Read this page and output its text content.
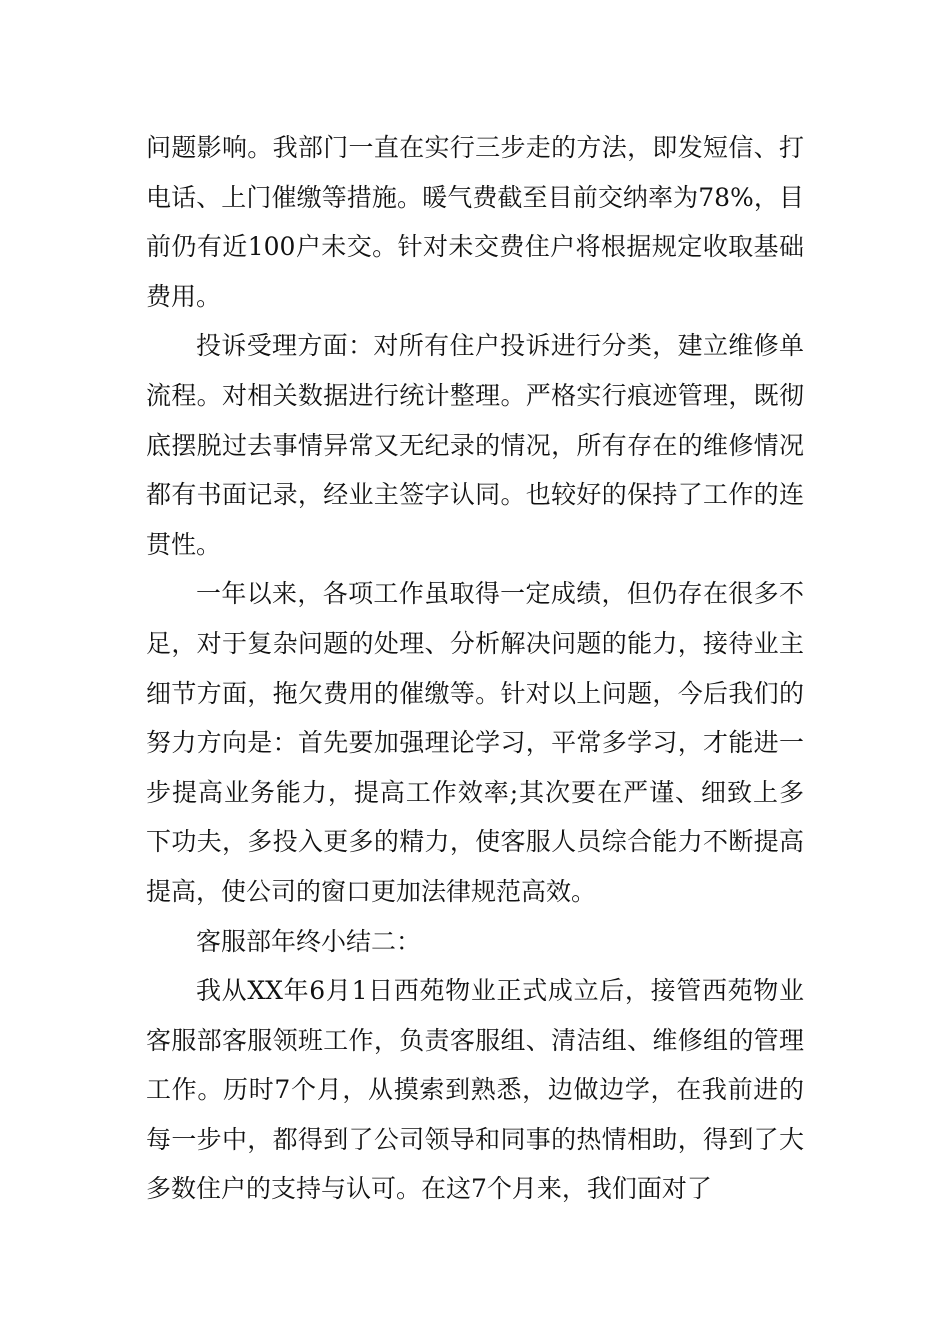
问题影响。我部门一直在实行三步走的方法，即发短信、打电话、上门催缴等措施。暖气费截至目前交纳率为78%，目前仍有近100户未交。针对未交费住户将根据规定收取基础费用。

投诉受理方面：对所有住户投诉进行分类，建立维修单流程。对相关数据进行统计整理。严格实行痕迹管理，既彻底摆脱过去事情异常又无纪录的情况，所有存在的维修情况都有书面记录，经业主签字认同。也较好的保持了工作的连贯性。

一年以来，各项工作虽取得一定成绩，但仍存在很多不足，对于复杂问题的处理、分析解决问题的能力，接待业主细节方面，拖欠费用的催缴等。针对以上问题，今后我们的努力方向是：首先要加强理论学习，平常多学习，才能进一步提高业务能力，提高工作效率;其次要在严谨、细致上多下功夫，多投入更多的精力，使客服人员综合能力不断提高提高，使公司的窗口更加法律规范高效。

客服部年终小结二：

我从XX年6月1日西苑物业正式成立后，接管西苑物业客服部客服领班工作，负责客服组、清洁组、维修组的管理工作。历时7个月，从摸索到熟悉，边做边学，在我前进的每一步中，都得到了公司领导和同事的热情相助，得到了大多数住户的支持与认可。在这7个月来，我们面对了
